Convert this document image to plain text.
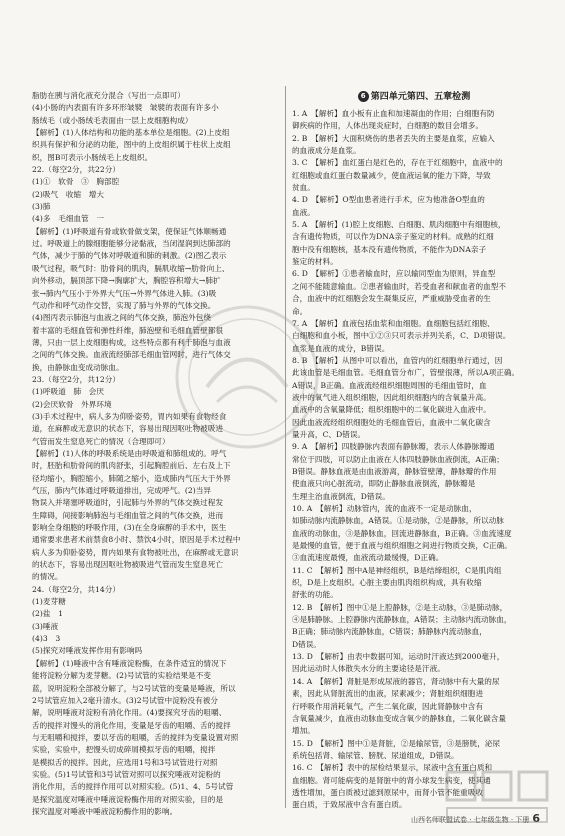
脂肪在胰与消化液充分混合（写出一点即可）
(4)小肠的内表面有许多环形皱襞　皱襞的表面有许多小
肠绒毛（或小肠绒毛表面由一层上皮细胞构成）
【解析】(1)人体结构和功能的基本单位是细胞。(2)上皮组
织具有保护和分泌的功能，图中的上皮组织属于柱状上皮组
织，图B可表示小肠绒毛上皮组织。
22.（每空2分，共22分）
(1)①　软骨　③　胸部腔
(2)吸气　收缩　增大
(3)肺
(4)多　毛细血管　一
【解析】(1)呼吸道有骨或软骨做支架，使保证气体顺畅通
过。呼吸道上的腺细胞能够分泌黏液，当闭湿润到达肺部的
气体，减少于肺的气体对呼吸道和肺的刺激。(2)图乙表示
吸气过程，吸气时：肋骨间的肌肉，膈肌收缩→肋骨向上、
向外移动，膈顶部下降→胸廓扩大，胸腔容积增大→肺扩
张→肺内气压小于外界大气压→外界气体进入肺。(3)吸
气动作和呼气动作交替，实现了肺与外界的气体交换。
(4)图丙表示肺泡与血液之间的气体交换，肺泡外包绕
着丰富的毛细血管和弹性纤维，肺泡壁和毛细血管壁都很
薄，只由一层上皮细胞构成，这些特点都有利于肺泡与血液
之间的气体交换。血液流经肺部毛细血管网时，进行气体交
换，由静脉血变成动脉血。
23.（每空2分，共12分）
(1)呼吸道　肺　会厌
(2)会厌软骨　外界环境
(3)手术过程中，病人多为仰卧姿势，胃内如果有食物经食
道，在麻醉或无意识的状态下，容易出现因呕吐物被吸进
气管而发生窒息死亡的情况（合理即可）
【解析】(1)人体的呼吸系统是由呼吸道和肺组成的。呼气
时，胚胎和肋骨间的肌肉舒张，引起胸腔前后、左右及上下
径均缩小，胸腔缩小，肺随之缩小，造成肺内气压大于外界
气压，肺内气体通过呼吸道排出，完成呼气。(2)当异
物误入并堵塞呼吸道时，引起肺与外界的气体交换过程发
生障碍，间接影响肺泡与毛细血管之间的气体交换，进而
影响全身细胞的呼吸作用，(3)在全身麻醉的手术中，医生
通常要求患者术前禁食8小时、禁饮4小时，原因是手术过程中
病人多为仰卧姿势，胃内如果有食物被吐出，在麻醉或无意识
的状态下，容易出现因呕吐物被吸进气管而发生窒息死亡
的情况。
24.（每空2分，共14分）
(1)麦芽糖
(2)盐　1
(3)唾液
(4)3　3
(5)探究对唾液发挥作用有影响吗
【解析】(1)唾液中含有唾液淀粉酶，在条件适宜的情况下
能将淀粉分解为麦芽糖。(2)号试管的实验结果是不变
蓝，说明淀粉全部被分解了，与2号试管的变量是唾液，所以
2号试管应加入2毫升清水。(3)2号试管中淀粉没有被分
解，说明唾液对淀粉有消化作用。(4)要探究牙齿的咀嚼、
舌的搅拌对馒头的消化作用，变量是牙齿的咀嚼、舌的搅拌
与无咀嚼和搅拌，要以牙齿的咀嚼，舌的搅拌为变量设置对照
实验，实验中，把馒头切成碎屑模拟牙齿的咀嚼，搅拌
是模拟舌的搅拌。因此，应选用1号和3号试管进行对照
实验。(5)1号试管和3号试管对照可以探究唾液对淀粉的
消化作用，舌的搅拌作用可以对照实验。(5)1、4、5号试管
是探究温度对唾液中唾液淀粉酶作用的对照实验，目的是
探究温度对唾液中唾液淀粉酶作用的影响。
6 第四单元第四、五章检测
1. A　【解析】血小板有止血和加速凝血的作用；白细胞有防
御疾病的作用，人体出现炎症时，白细胞的数目会增多。
2. B　【解析】大面积烧伤的患者丢失的主要是血浆，应输入
的血液成分是血浆。
3. C　【解析】血红蛋白是红色的，存在于红细胞中，血液中的
红细胞或血红蛋白数量减少，使血液运氧的能力下降，导致
贫血。
4. D　【解析】O型血患者进行手术，应为他准备O型血的
血液。
5. A　【解析】(1)腔上皮细胞、白细胞、肌肉细胞中有细胞核，
含有遗传物质，可以作为DNA亲子鉴定的材料。成熟的红细
胞中没有细胞核，基本没有遗传物质，不能作为DNA亲子
鉴定的材料。
6. D　【解析】①患者输血时，应以输同型血为原则，异血型
之间不能随意输血。②患者输血时，若受血者和献血者的血型不
合，血液中的红细胞会发生凝集反应，严重威胁受血者的生
命。
7. A　【解析】血液包括血浆和血细胞。血细胞包括红细胞、
白细胞和血小板，图中①②③只可表示并列关系，C、D项错误。
血浆是血液的成分，B错误。
8. B　【解析】从图中可以看出，血管内的红细胞单行通过，因
此该血管是毛细血管。毛细血管分布广，管壁很薄，所以A项正确。
A错误，B正确。血液流经组织细胞周围的毛细血管时，血
液中的氧气进入组织细胞，因此组织细胞内的含氧量升高。
血液中的含氧量降低；组织细胞中的二氧化碳进入血液中。
因此血液流经组织细胞处的毛细血管后，血液中二氧化碳含
量升高，C、D错误。
9. A　【解析】四肢静脉内表面有静脉瓣，表示人体静脉瓣通
常位于四肢，可以防止血液在人体四肢静脉血液倒流，A正确；
B错误。静脉血液是由血液游离，静脉管壁薄，静脉瓣的作用
使血液只向心脏流动，即防止静脉血液倒流，静脉瓣是
生理主治血液倒流，D错误。
10. A　【解析】动脉管内，流的血液不一定是动脉血，
如肺动脉内流静脉血，A错误。①是动脉，②是静脉，所以动脉
血液的动脉血，③是静脉血，回流进静脉血，B正确。③血流速度
是最慢的血管，便于血液与组织细胞之间进行物质交换，C正确。
③血流速度最慢，血液流动最缓慢，D正确。
11. C　【解析】图中A是神经组织，B是结缔组织，C是肌肉组
织，D是上皮组织。心脏主要由肌肉组织构成，具有收缩
舒张的功能。
12. B　【解析】图中①是上腔静脉，②是主动脉，③是肺动脉，
④是肺静脉。上腔静脉内流静脉血，A错误；主动脉内流动脉血，
B正确；肺动脉内流静脉血，C错误；肺静脉内流动脉血，
D错误。
13. D　【解析】由表中数据可知，运动时汗液达到2000毫升，
因此运动时人体散失水分的主要途径是汗液。
14. A　【解析】肾脏是形成尿液的器官，肾动脉中有大量的尿
素，因此从肾脏流出的血液，尿素减少；肾脏组织细胞进
行呼吸作用消耗氧气，产生二氧化碳，因此肾静脉中含有
含氧量减少，血液由动脉血变成含氧少的静脉血，二氧化碳含量
增加。
15. D　【解析】图中①是肾脏，②是输尿管，③是膀胱，泌尿
系统包括肾、输尿管、膀胱、尿道组成，D错误。
16. C　【解析】表中的尿检结果显示，尿液中含有蛋白质和
血细胞。肾可能病变的是肾脏中的肾小球发生病变，使其通
透性增加，蛋白质被过滤到原尿中，而肾小管不能重吸收
蛋白质，于致尿液中含有蛋白质。
山西名师联盟试卷 · 七年级生物 · 下册 6
